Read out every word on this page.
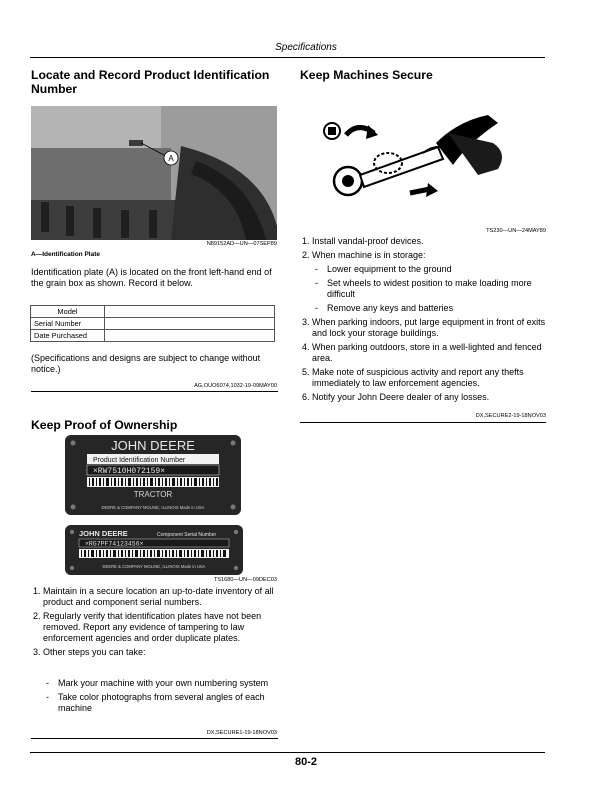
Specifications
Locate and Record Product Identification Number
A
N89152AD—UN—07SEP89
A—Identification Plate
Identification plate (A) is located on the front left-hand end of the grain box as shown. Record it below.
Model	
Serial Number	
Date Purchased	
(Specifications and designs are subject to change without notice.)
AG,OUO6074,1032-19-09MAY00
Keep Proof of Ownership
JOHN DEERE
Product Identification Number
×RW7510H072159×
TRACTOR
DEERE & COMPANY MOLINE, ILLINOIS Made in USA
JOHN DEERE	Component Serial Number
×RG7PF74123456×
DEERE & COMPANY MOLINE, ILLINOIS Made in USA
TS1680—UN—09DEC03
1. Maintain in a secure location an up-to-date inventory of all product and component serial numbers.
2. Regularly verify that identification plates have not been removed. Report any evidence of tampering to law enforcement agencies and order duplicate plates.
3. Other steps you can take:
-	Mark your machine with your own numbering system
-	Take color photographs from several angles of each machine
DX,SECURE1-19-18NOV03
Keep Machines Secure
TS230—UN—24MAY89
1. Install vandal-proof devices.
2. When machine is in storage:
-	Lower equipment to the ground
-	Set wheels to widest position to make loading more difficult
-	Remove any keys and batteries
3. When parking indoors, put large equipment in front of exits and lock your storage buildings.
4. When parking outdoors, store in a well-lighted and fenced area.
5. Make note of suspicious activity and report any thefts immediately to law enforcement agencies.
6. Notify your John Deere dealer of any losses.
DX,SECURE2-19-18NOV03
80-2
